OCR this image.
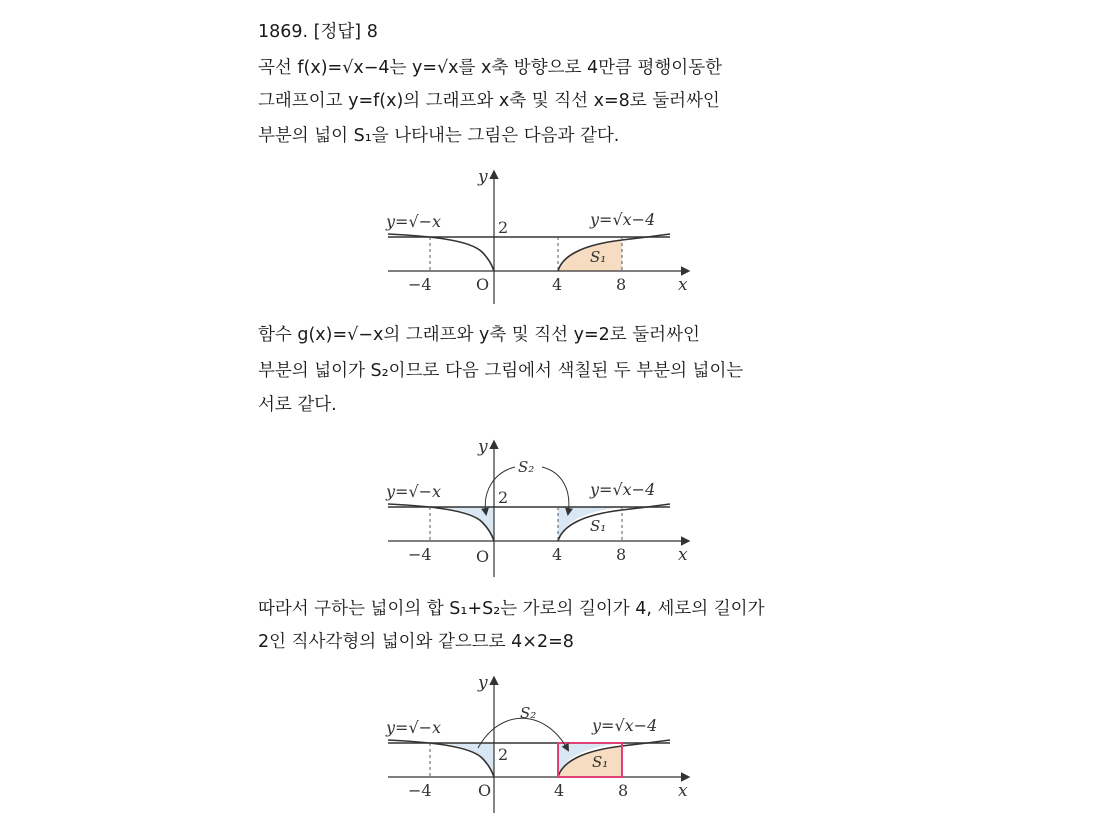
1869. [정답] 8
곡선 f(x)=√x−4는 y=√x를 x축 방향으로 4만큼 평행이동한
그래프이고 y=f(x)의 그래프와 x축 및 직선 x=8로 둘러싸인
부분의 넓이 S₁을 나타내는 그림은 다음과 같다.
y
x
O
y=√−x	y=√x−4
2
−4	4	8
S₁
함수 g(x)=√−x의 그래프와 y축 및 직선 y=2로 둘러싸인
부분의 넓이가 S₂이므로 다음 그림에서 색칠된 두 부분의 넓이는
서로 같다.
y
x
O
y=√−x	y=√x−4
2
−4	4	8
S₁
S₂
따라서 구하는 넓이의 합 S₁+S₂는 가로의 길이가 4, 세로의 길이가
2인 직사각형의 넓이와 같으므로 4×2=8
y
x
O
y=√−x	y=√x−4
2
−4	4	8
S₁
S₂
